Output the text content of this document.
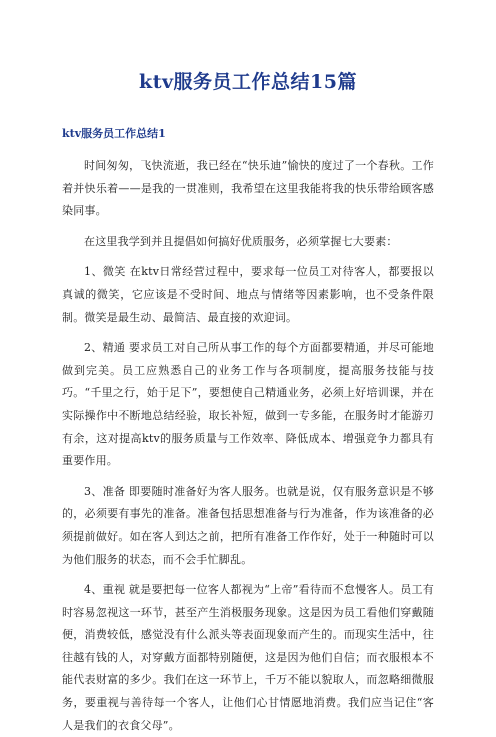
ktv服务员工作总结15篇
ktv服务员工作总结1

时间匆匆，飞快流逝，我已经在“快乐迪”愉快的度过了一个春秋。工作着并快乐着——是我的一贯准则，我希望在这里我能将我的快乐带给顾客感染同事。

在这里我学到并且提倡如何搞好优质服务，必须掌握七大要素：

1、微笑 在ktv日常经营过程中，要求每一位员工对待客人，都要报以真诚的微笑，它应该是不受时间、地点与情绪等因素影响，也不受条件限制。微笑是最生动、最简洁、最直接的欢迎词。

2、精通 要求员工对自己所从事工作的每个方面都要精通，并尽可能地做到完美。员工应熟悉自己的业务工作与各项制度，提高服务技能与技巧。“千里之行，始于足下”，要想使自己精通业务，必须上好培训课，并在实际操作中不断地总结经验，取长补短，做到一专多能，在服务时才能游刃有余，这对提高ktv的服务质量与工作效率、降低成本、增强竞争力都具有重要作用。

3、准备 即要随时准备好为客人服务。也就是说，仅有服务意识是不够的，必须要有事先的准备。准备包括思想准备与行为准备，作为该准备的必须提前做好。如在客人到达之前，把所有准备工作作好，处于一种随时可以为他们服务的状态，而不会手忙脚乱。

4、重视 就是要把每一位客人都视为“上帝”看待而不怠慢客人。员工有时容易忽视这一环节，甚至产生消极服务现象。这是因为员工看他们穿戴随便，消费较低，感觉没有什么派头等表面现象而产生的。而现实生活中，往往越有钱的人，对穿戴方面都特别随便，这是因为他们自信；而衣服根本不能代表财富的多少。我们在这一环节上，千万不能以貌取人，而忽略细微服务，要重视与善待每一个客人，让他们心甘情愿地消费。我们应当记住“客人是我们的衣食父母”。
